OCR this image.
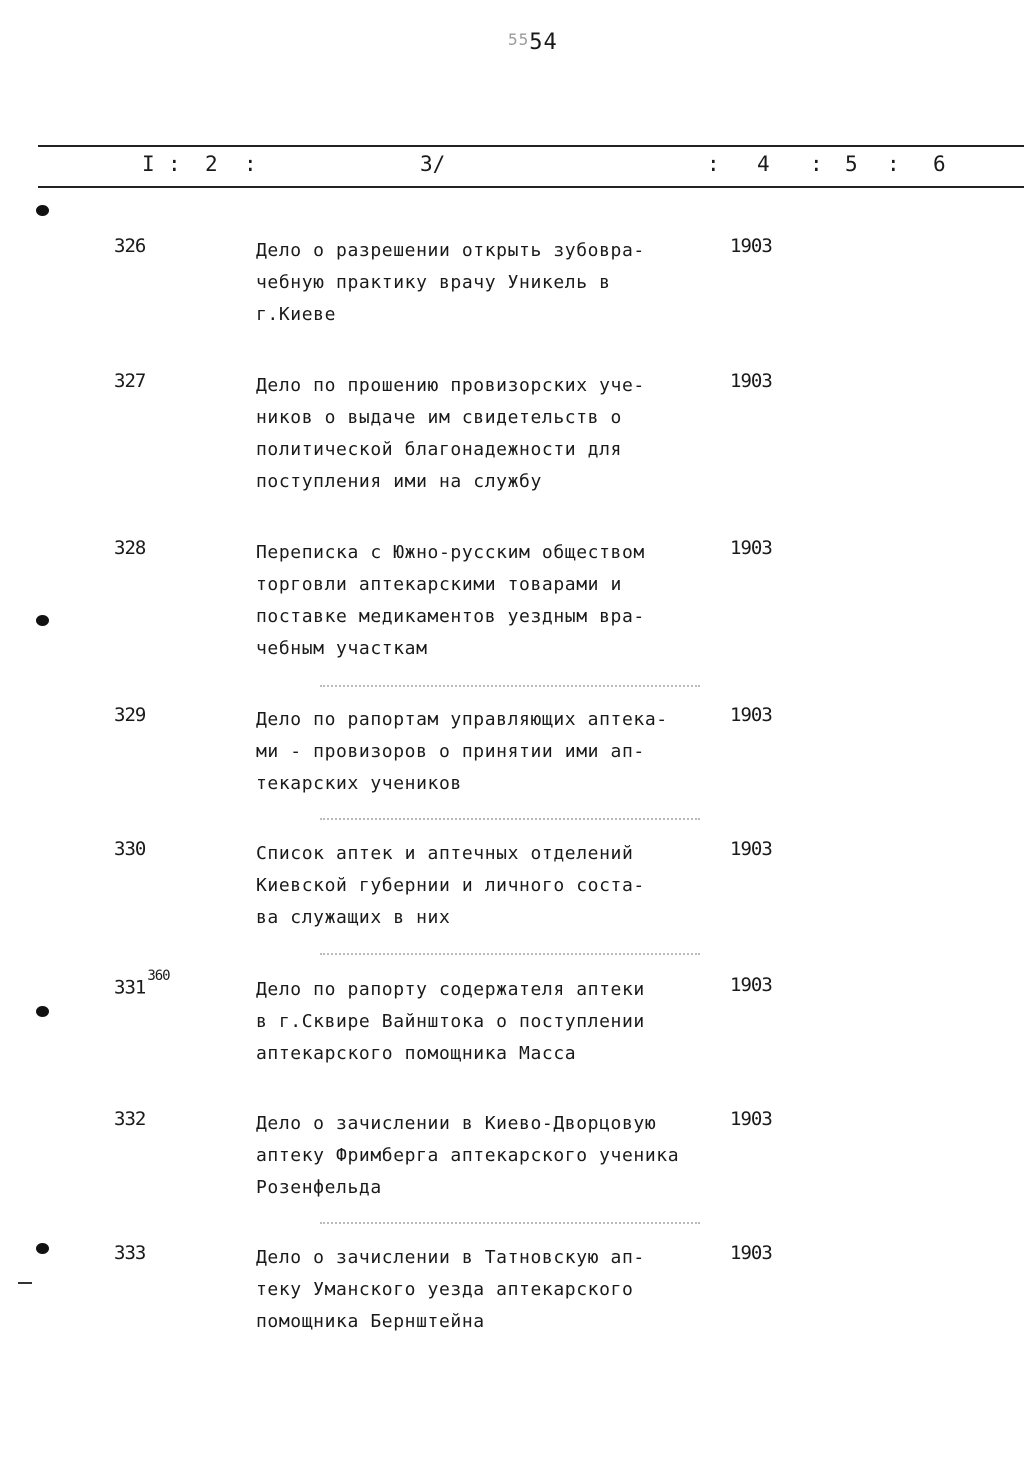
5554
I : 2 :	3/	: 4 : 5 : 6
326	Дело о разрешении открыть зубовра-
чебную практику врачу Уникель в
г.Киеве
1903
327	Дело по прошению провизорских уче-
ников о выдаче им свидетельств о
политической благонадежности для
поступления ими на службу
1903
328	Переписка с Южно-русским обществом
торговли аптекарскими товарами и
поставке медикаментов уездным вра-
чебным участкам
1903
329	Дело по рапортам управляющих аптека-
ми - провизоров о принятии ими ап-
текарских учеников
1903
330	Список аптек и аптечных отделений
Киевской губернии и личного соста-
ва служащих в них
1903
$331^{360}$
Дело по рапорту содержателя аптеки
в г.Сквире Вайнштока о поступлении
аптекарского помощника Масса
1903
332	Дело о зачислении в Киево-Дворцовую
аптеку Фримберга аптекарского ученика
Розенфельда
1903
333	Дело о зачислении в Татновскую ап-
теку Уманского уезда аптекарского
помощника Бернштейна
1903
